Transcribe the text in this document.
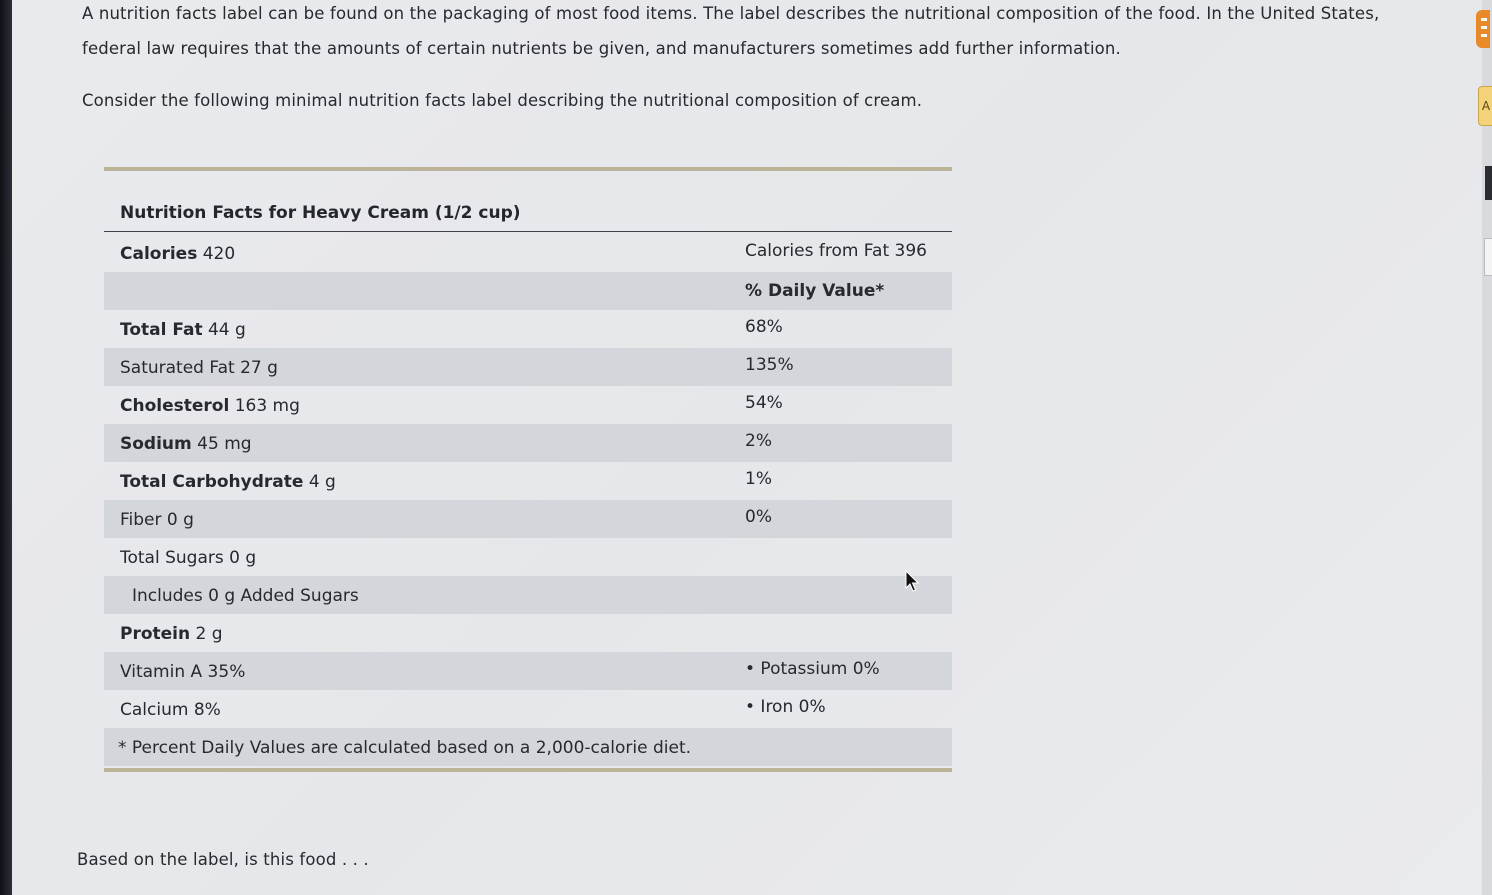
A nutrition facts label can be found on the packaging of most food items. The label describes the nutritional composition of the food. In the United States, federal law requires that the amounts of certain nutrients be given, and manufacturers sometimes add further information.

Consider the following minimal nutrition facts label describing the nutritional composition of cream.

Based on the label, is this food . . .

Nutrition Facts for Heavy Cream (1/2 cup)
Calories 420	Calories from Fat 396
% Daily Value*
Total Fat 44 g	68%
Saturated Fat 27 g	135%
Cholesterol 163 mg	54%
Sodium 45 mg	2%
Total Carbohydrate 4 g	1%
Fiber 0 g	0%
Total Sugars 0 g
Includes 0 g Added Sugars
Protein 2 g
Vitamin A 35%	• Potassium 0%
Calcium 8%	• Iron 0%
* Percent Daily Values are calculated based on a 2,000-calorie diet.
A
